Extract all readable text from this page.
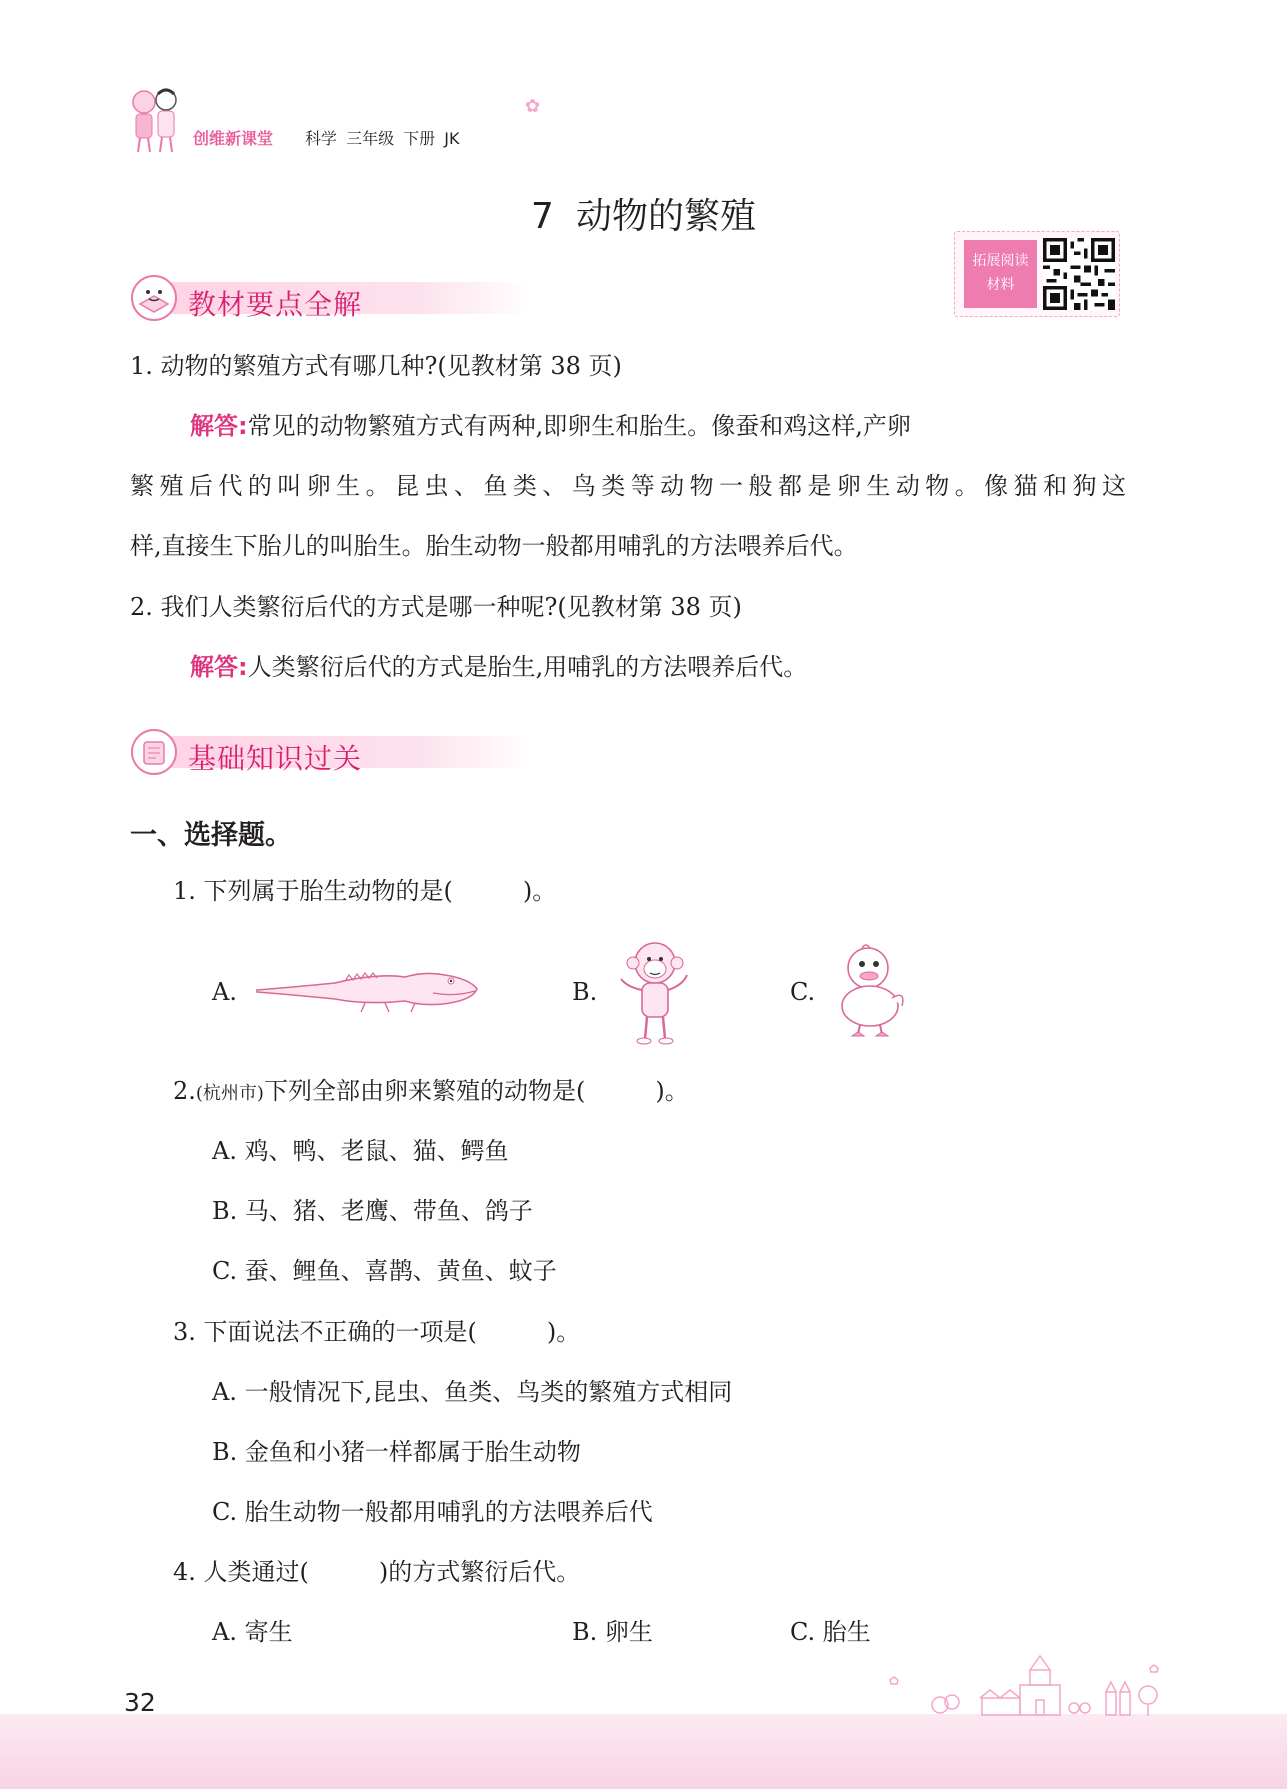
创维新课堂 科学 三年级 下册 JK
✿
7 动物的繁殖
拓展阅读
材料
教材要点全解
1. 动物的繁殖方式有哪几种?(见教材第 38 页)
解答:常见的动物繁殖方式有两种,即卵生和胎生。像蚕和鸡这样,产卵
繁殖后代的叫卵生。昆虫、鱼类、鸟类等动物一般都是卵生动物。像猫和狗这
样,直接生下胎儿的叫胎生。胎生动物一般都用哺乳的方法喂养后代。
2. 我们人类繁衍后代的方式是哪一种呢?(见教材第 38 页)
解答:人类繁衍后代的方式是胎生,用哺乳的方法喂养后代。
基础知识过关
一、选择题。
1. 下列属于胎生动物的是(	)。
A.	B.	C.
2.(杭州市)下列全部由卵来繁殖的动物是(	)。
A. 鸡、鸭、老鼠、猫、鳄鱼
B. 马、猪、老鹰、带鱼、鸽子
C. 蚕、鲤鱼、喜鹊、黄鱼、蚊子
3. 下面说法不正确的一项是(	)。
A. 一般情况下,昆虫、鱼类、鸟类的繁殖方式相同
B. 金鱼和小猪一样都属于胎生动物
C. 胎生动物一般都用哺乳的方法喂养后代
4. 人类通过(	)的方式繁衍后代。
A. 寄生	B. 卵生	C. 胎生
32
